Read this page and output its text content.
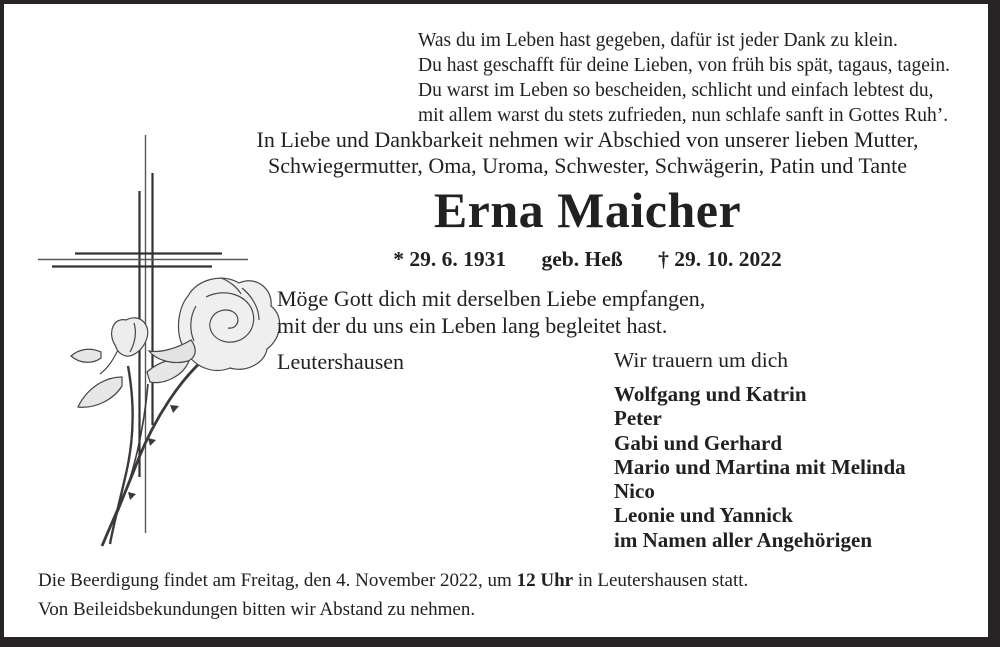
Was du im Leben hast gegeben, dafür ist jeder Dank zu klein.
Du hast geschafft für deine Lieben, von früh bis spät, tagaus, tagein.
Du warst im Leben so bescheiden, schlicht und einfach lebtest du,
mit allem warst du stets zufrieden, nun schlafe sanft in Gottes Ruh’.
In Liebe und Dankbarkeit nehmen wir Abschied von unserer lieben Mutter,
Schwiegermutter, Oma, Uroma, Schwester, Schwägerin, Patin und Tante
Erna Maicher
* 29. 6. 1931 geb. Heß † 29. 10. 2022
Möge Gott dich mit derselben Liebe empfangen,
mit der du uns ein Leben lang begleitet hast.
Leutershausen	Wir trauern um dich
Wolfgang und Katrin
Peter
Gabi und Gerhard
Mario und Martina mit Melinda
Nico
Leonie und Yannick
im Namen aller Angehörigen
Die Beerdigung findet am Freitag, den 4. November 2022, um 12 Uhr in Leutershausen statt.
Von Beileidsbekundungen bitten wir Abstand zu nehmen.
